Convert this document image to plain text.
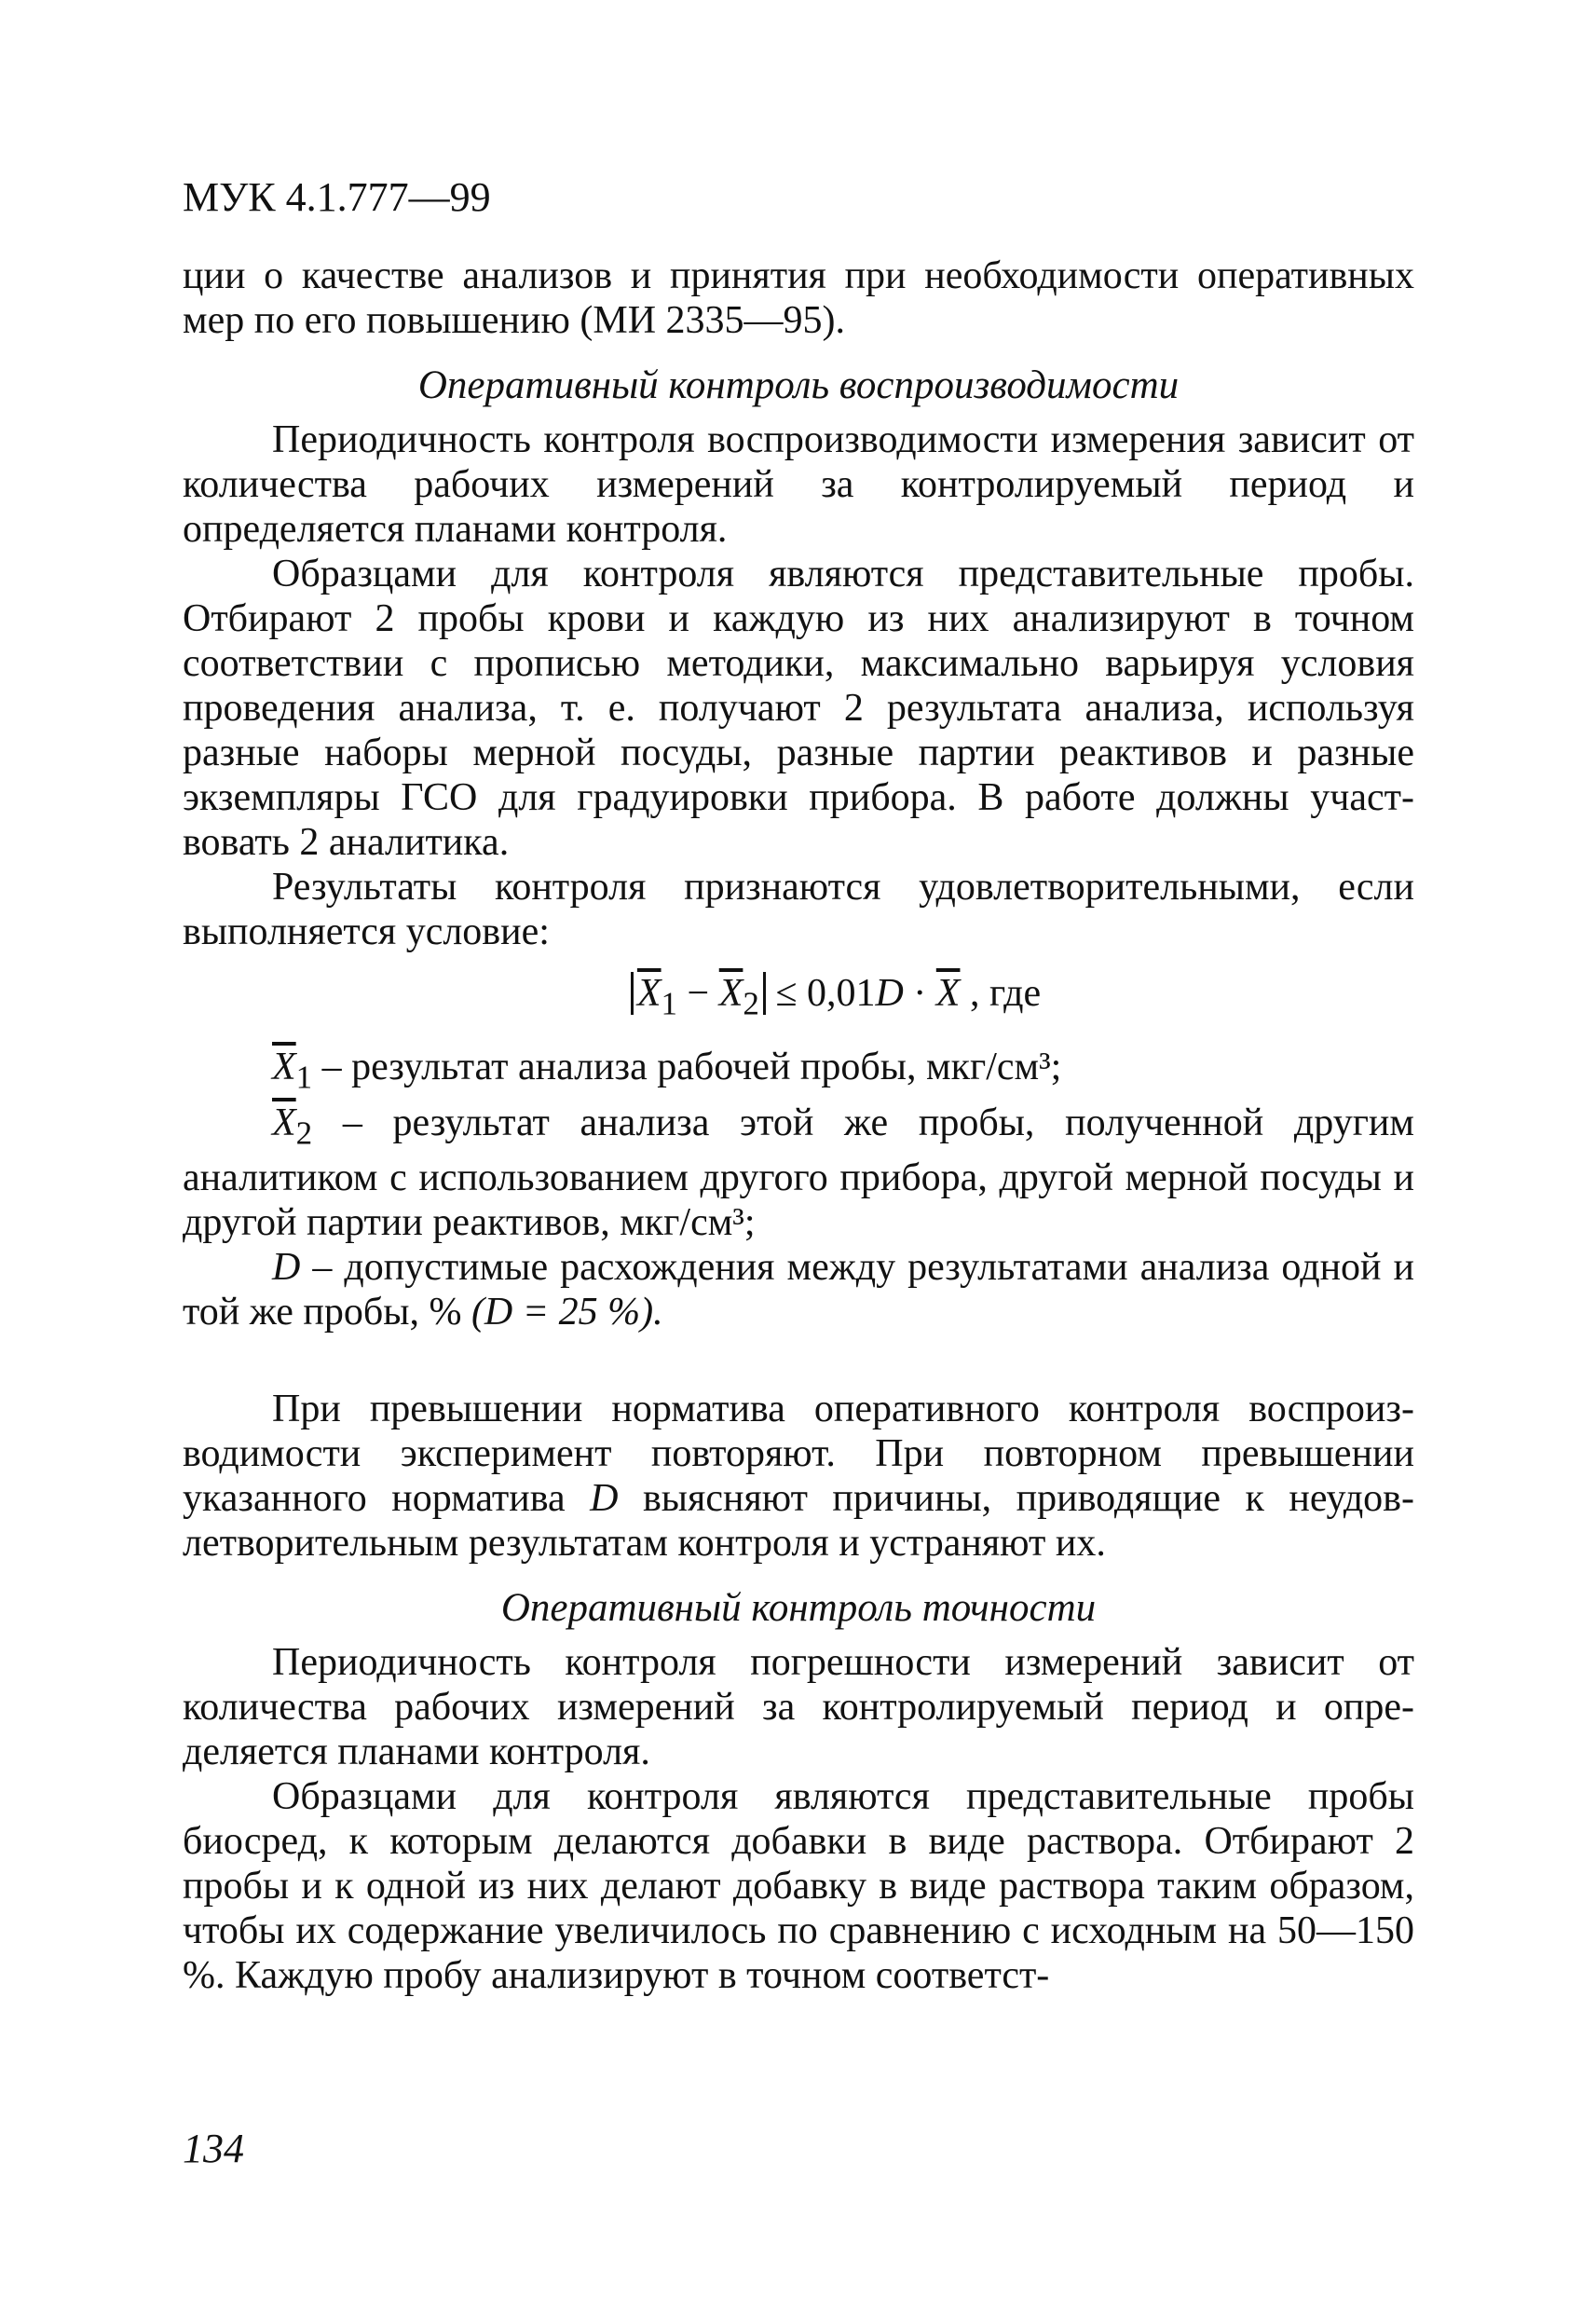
МУК 4.1.777—99

ции о качестве анализов и принятия при необходимости оперативных мер по его повышению (МИ 2335—95).

Оперативный контроль воспроизводимости

Периодичность контроля воспроизводимости измерения зависит от количества рабочих измерений за контролируемый период и определяется планами контроля.

Образцами для контроля являются представительные пробы. Отбирают 2 пробы крови и каждую из них анализируют в точном соответствии с прописью методики, максимально варьируя условия проведения анализа, т. е. получают 2 результата анализа, используя разные наборы мерной посуды, разные партии реактивов и разные экземпляры ГСО для градуировки прибора. В работе должны участвовать 2 аналитика.

Результаты контроля признаются удовлетворительными, если выполняется условие:

$\overline{X}_1 - \overline{X}_2 \le 0,01D \cdot \overline{X}$ , где

$\overline{X}_1$ – результат анализа рабочей пробы, мкг/см³;

$\overline{X}_2$ – результат анализа этой же пробы, полученной другим аналитиком с использованием другого прибора, другой мерной посуды и другой партии реактивов, мкг/см³;

D – допустимые расхождения между результатами анализа одной и той же пробы, % (D = 25 %).

При превышении норматива оперативного контроля воспроизводимости эксперимент повторяют. При повторном превышении указанного норматива D выясняют причины, приводящие к неудовлетворительным результатам контроля и устраняют их.

Оперативный контроль точности

Периодичность контроля погрешности измерений зависит от количества рабочих измерений за контролируемый период и определяется планами контроля.

Образцами для контроля являются представительные пробы биосред, к которым делаются добавки в виде раствора. Отбирают 2 пробы и к одной из них делают добавку в виде раствора таким образом, чтобы их содержание увеличилось по сравнению с исходным на 50—150 %. Каждую пробу анализируют в точном соответст-

134
